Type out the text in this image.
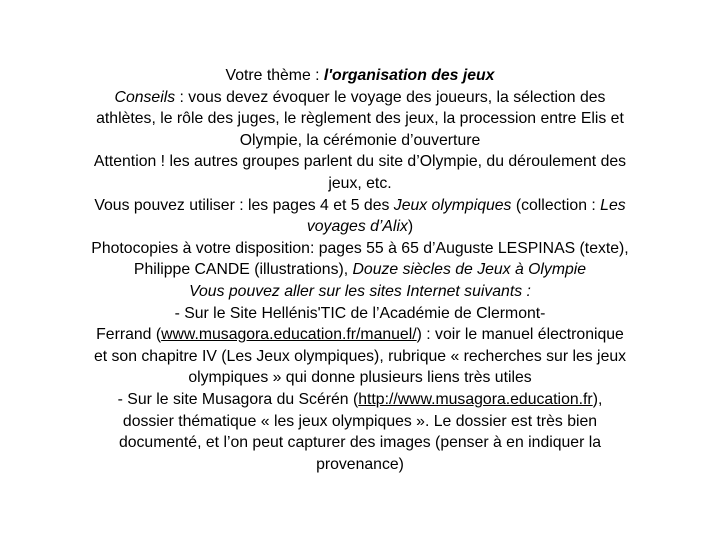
Votre thème : l'organisation des jeux
Conseils : vous devez évoquer le voyage des joueurs, la sélection des
athlètes, le rôle des juges, le règlement des jeux, la procession entre Elis et
Olympie, la cérémonie d’ouverture
Attention ! les autres groupes parlent du site d’Olympie, du déroulement des
jeux, etc.
Vous pouvez utiliser : les pages 4 et 5 des Jeux olympiques (collection : Les
voyages d’Alix)
Photocopies à votre disposition: pages 55 à 65 d’Auguste LESPINAS (texte),
Philippe CANDE (illustrations), Douze siècles de Jeux à Olympie
Vous pouvez aller sur les sites Internet suivants :
- Sur le Site Hellénis'TIC de l’Académie de Clermont-
Ferrand (www.musagora.education.fr/manuel/) : voir le manuel électronique
et son chapitre IV (Les Jeux olympiques), rubrique « recherches sur les jeux
olympiques » qui donne plusieurs liens très utiles
- Sur le site Musagora du Scérén (http://www.musagora.education.fr),
dossier thématique « les jeux olympiques ». Le dossier est très bien
documenté, et l’on peut capturer des images (penser à en indiquer la
provenance)
